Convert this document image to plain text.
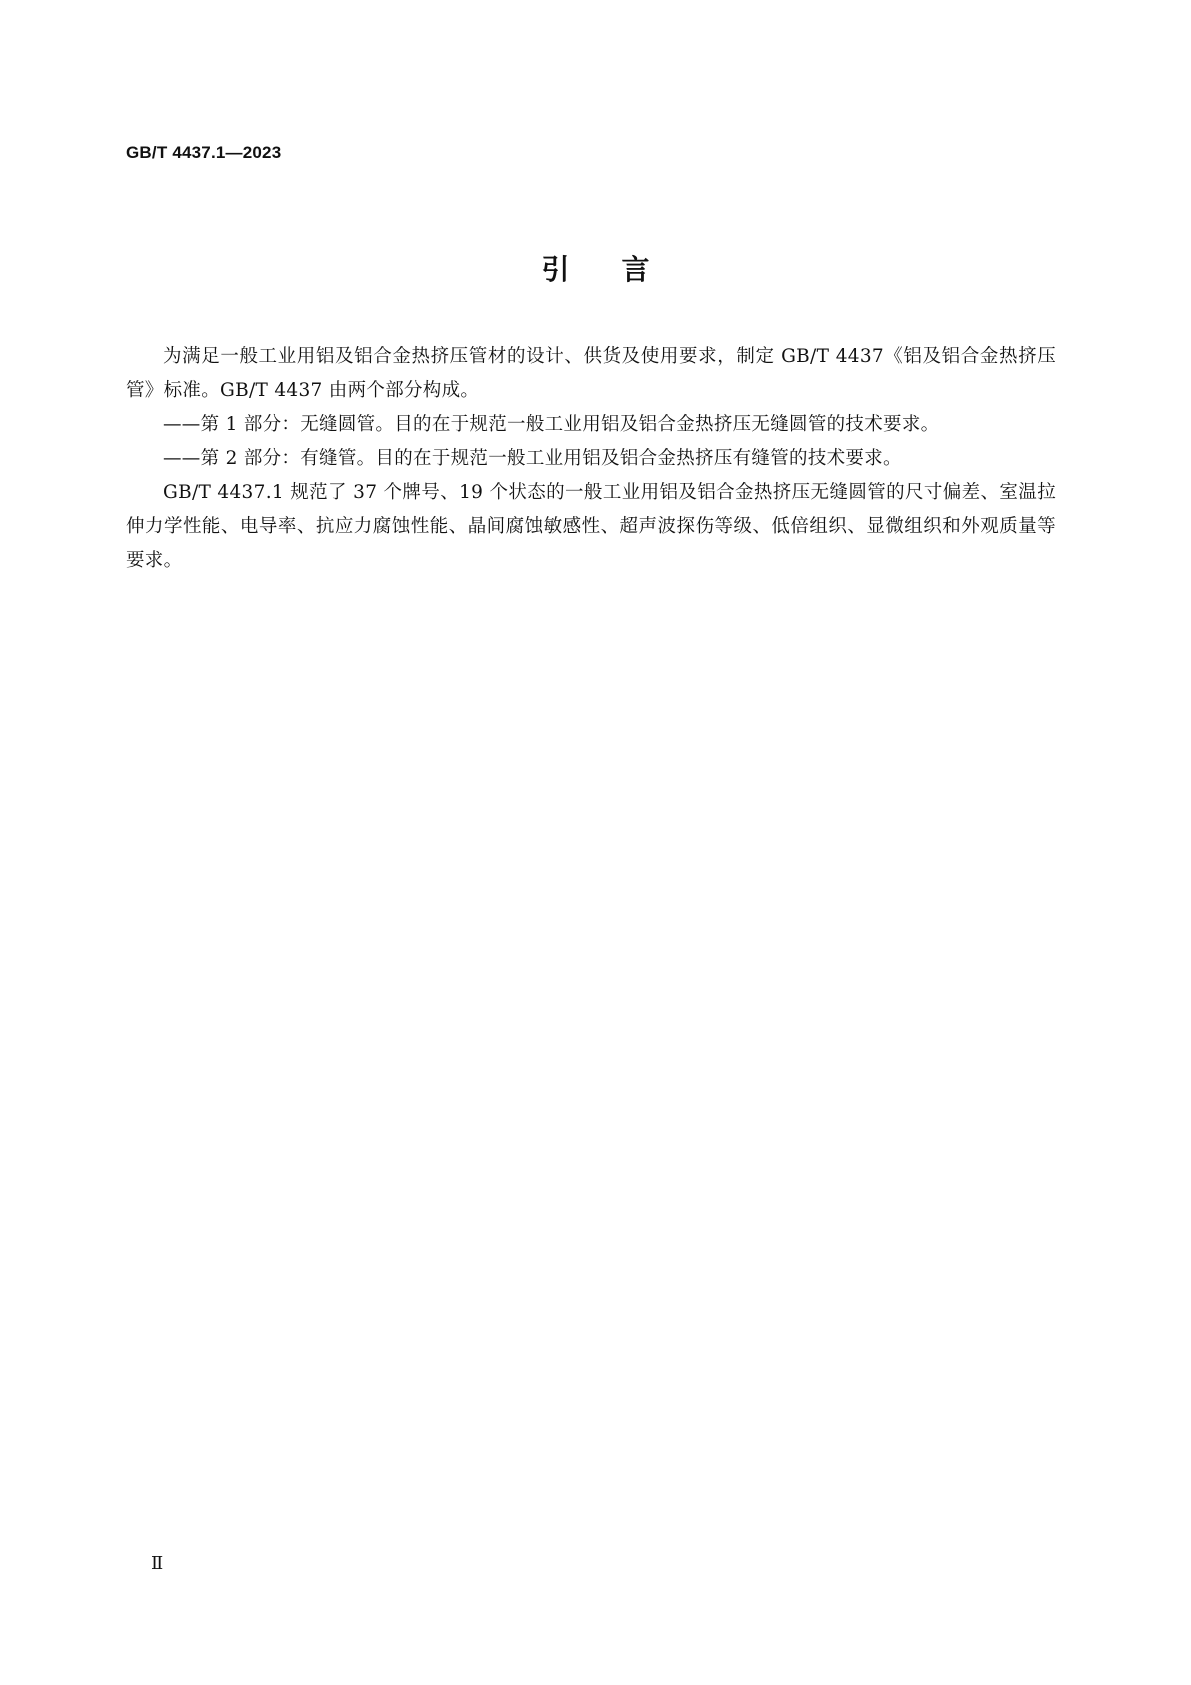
GB/T 4437.1—2023
引言

为满足一般工业用铝及铝合金热挤压管材的设计、供货及使用要求，制定 GB/T 4437《铝及铝合金热挤压管》标准。GB/T 4437 由两个部分构成。

——第 1 部分：无缝圆管。目的在于规范一般工业用铝及铝合金热挤压无缝圆管的技术要求。

——第 2 部分：有缝管。目的在于规范一般工业用铝及铝合金热挤压有缝管的技术要求。

GB/T 4437.1 规范了 37 个牌号、19 个状态的一般工业用铝及铝合金热挤压无缝圆管的尺寸偏差、室温拉伸力学性能、电导率、抗应力腐蚀性能、晶间腐蚀敏感性、超声波探伤等级、低倍组织、显微组织和外观质量等要求。

Ⅱ
